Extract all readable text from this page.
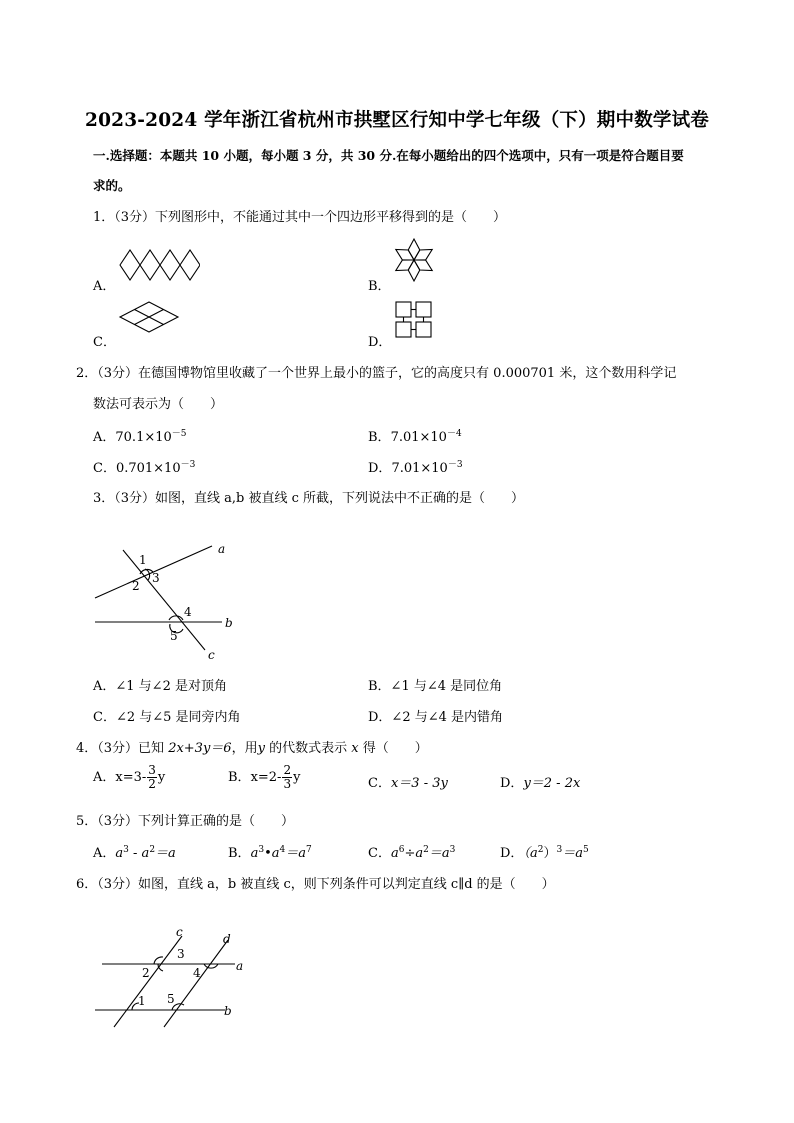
2023-2024 学年浙江省杭州市拱墅区行知中学七年级（下）期中数学试卷
一.选择题：本题共 10 小题，每小题 3 分，共 30 分.在每小题给出的四个选项中，只有一项是符合题目要
求的。
1．（3分）下列图形中，不能通过其中一个四边形平移得到的是（　　）
A．	B．
C．	D．
2．（3分）在德国博物馆里收藏了一个世界上最小的篮子，它的高度只有 0.000701 米，这个数用科学记
数法可表示为（　　）
A．$70.1\times 10^{-5}$	B．$7.01\times 10^{-4}$
C．$0.701\times 10^{-3}$	D．$7.01\times 10^{-3}$
3．（3分）如图，直线 a,b 被直线 c 所截，下列说法中不正确的是（　　）
a
b
c
1
2
3
4
5
A．∠1 与∠2 是对顶角	B．∠1 与∠4 是同位角
C．∠2 与∠5 是同旁内角	D．∠2 与∠4 是内错角
4．（3分）已知 2x+3y＝6，用y 的代数式表示 x 得（　　）
A．$x=3- \frac{3}{2}$ y	B．$x=2- \frac{2}{3}$ y	C．x＝3 - 3y	D．y＝2 - 2x
5．（3分）下列计算正确的是（　　）
A．$a^3 - a^2=a$	B．$a^3•a^4=a^7$	C．$a^6\div a^2=a^3$	D．$(a^2)^3=a^5$
6．（3分）如图，直线 a，b 被直线 c，则下列条件可以判定直线 c∥d 的是（　　）
a
b
c	d
1
2
3
4
5
